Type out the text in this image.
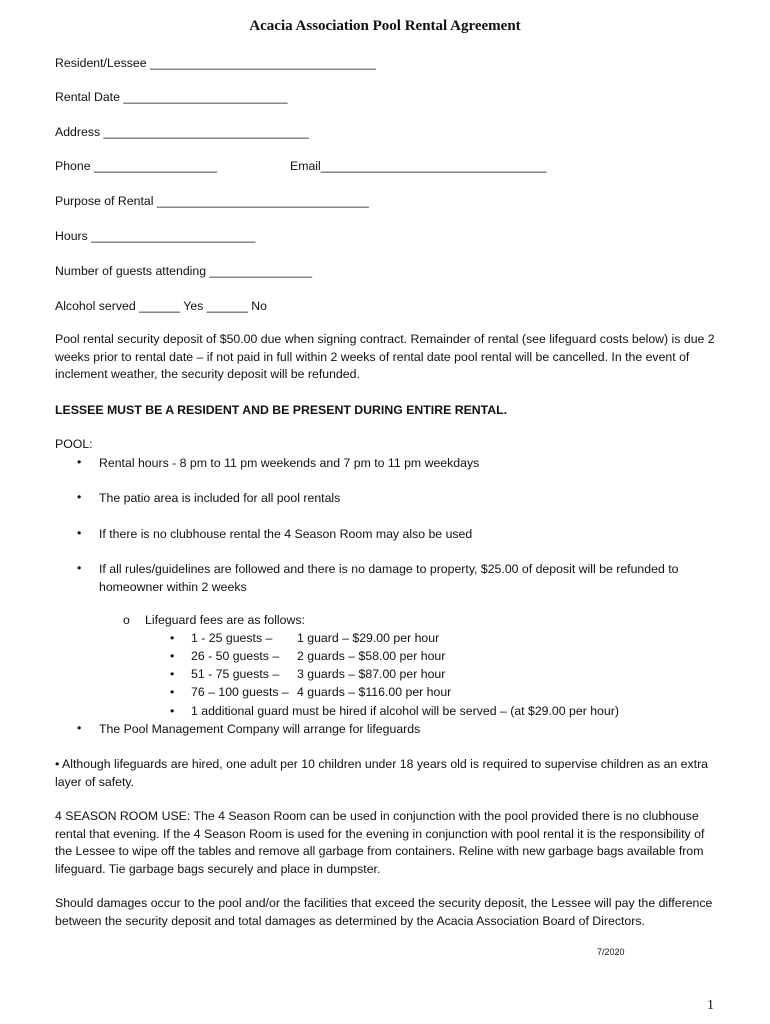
Acacia Association Pool Rental Agreement
Resident/Lessee _________________________________
Rental Date ________________________
Address ______________________________
Phone __________________	Email_________________________________
Purpose of Rental _______________________________
Hours ________________________
Number of guests attending _______________
Alcohol served ______ Yes ______ No
Pool rental security deposit of $50.00 due when signing contract. Remainder of rental (see lifeguard costs below) is due 2 weeks prior to rental date – if not paid in full within 2 weeks of rental date pool rental will be cancelled. In the event of inclement weather, the security deposit will be refunded.
LESSEE MUST BE A RESIDENT AND BE PRESENT DURING ENTIRE RENTAL.
POOL:
• Rental hours - 8 pm to 11 pm weekends and 7 pm to 11 pm weekdays
• The patio area is included for all pool rentals
• If there is no clubhouse rental the 4 Season Room may also be used
• If all rules/guidelines are followed and there is no damage to property, $25.00 of deposit will be refunded to homeowner within 2 weeks
o Lifeguard fees are as follows:
• 1 - 25 guests – 1 guard – $29.00 per hour
• 26 - 50 guests – 2 guards – $58.00 per hour
• 51 - 75 guests – 3 guards – $87.00 per hour
• 76 – 100 guests – 4 guards – $116.00 per hour
• 1 additional guard must be hired if alcohol will be served – (at $29.00 per hour)
• The Pool Management Company will arrange for lifeguards
• Although lifeguards are hired, one adult per 10 children under 18 years old is required to supervise children as an extra layer of safety.
4 SEASON ROOM USE: The 4 Season Room can be used in conjunction with the pool provided there is no clubhouse rental that evening. If the 4 Season Room is used for the evening in conjunction with pool rental it is the responsibility of the Lessee to wipe off the tables and remove all garbage from containers. Reline with new garbage bags available from lifeguard. Tie garbage bags securely and place in dumpster.
Should damages occur to the pool and/or the facilities that exceed the security deposit, the Lessee will pay the difference between the security deposit and total damages as determined by the Acacia Association Board of Directors.
7/2020
1
